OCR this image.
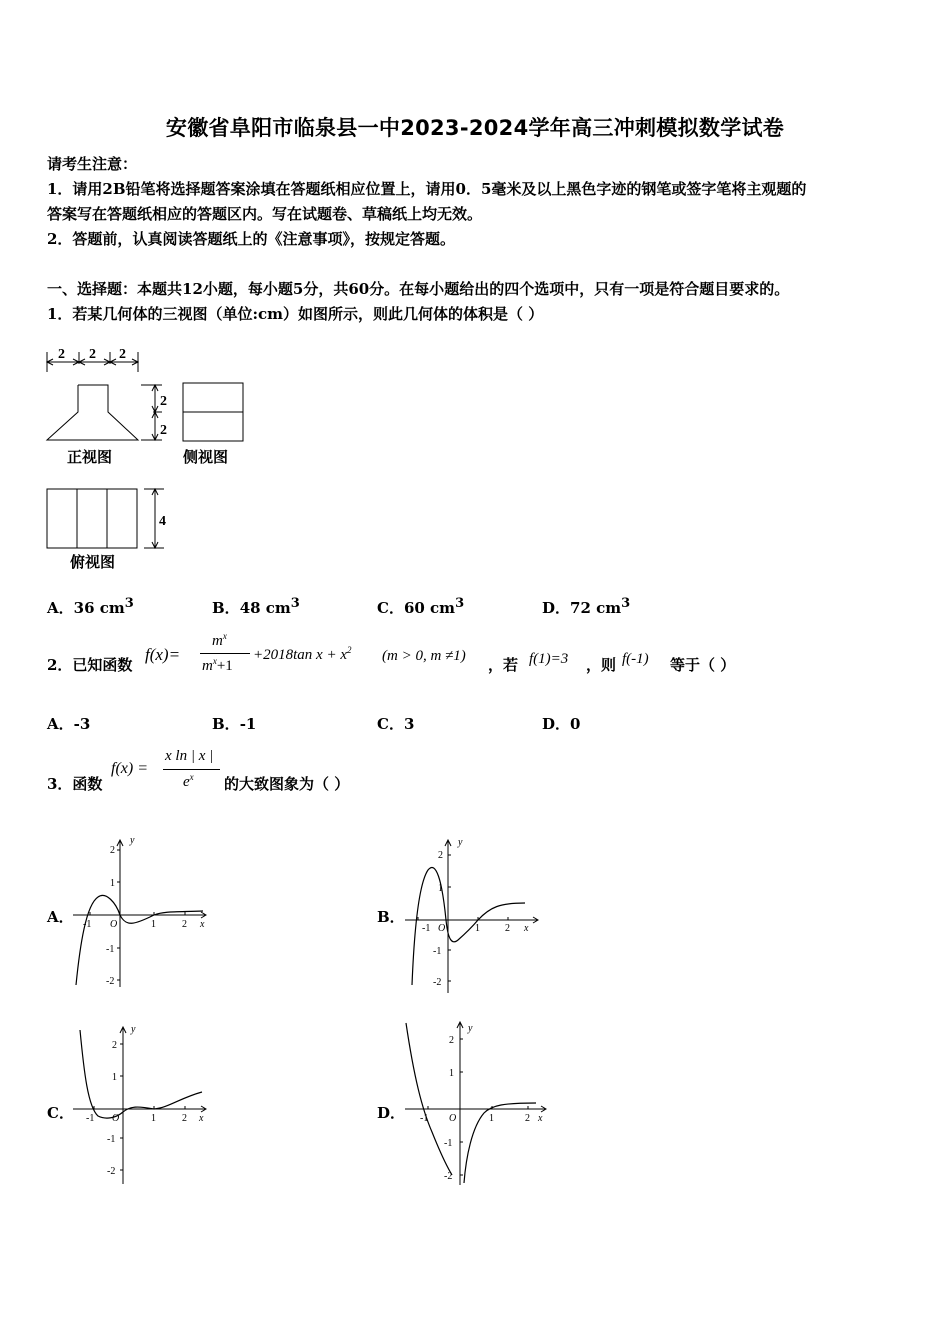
安徽省阜阳市临泉县一中2023-2024学年高三冲刺模拟数学试卷
请考生注意：
1．请用2B铅笔将选择题答案涂填在答题纸相应位置上，请用0．5毫米及以上黑色字迹的钢笔或签字笔将主观题的
答案写在答题纸相应的答题区内。写在试题卷、草稿纸上均无效。
2．答题前，认真阅读答题纸上的《注意事项》，按规定答题。
一、选择题：本题共12小题，每小题5分，共60分。在每小题给出的四个选项中，只有一项是符合题目要求的。
1．若某几何体的三视图（单位:cm）如图所示，则此几何体的体积是（ ）
2 2 2
2
2
正视图	侧视图
4
俯视图
A．36 $cm^3$	B．48 $cm^3$	C．60 $cm^3$	D．72 $cm^3$
2．已知函数
f(x)=
$m^x$
$m^x+1$
+2018tan $x + x^2$ (m > 0, m ≠1) ，若 f(1)=3 ，则 f(-1) 等于（ ）
A．-3	B．-1	C．3	D．0
3．函数
f(x) =
x ln | x |
$e^x$ 的大致图象为（ ）
A．	B．
C．	D．
y
x
O
-1	1	2
2
1
-1
-2
y
x
O
-1	1	2
2
1
-1
-2
y
x
O
-1	1	2
2
1
-1
-2
y
x
O
-1	1	2
2
1
-1
-2
